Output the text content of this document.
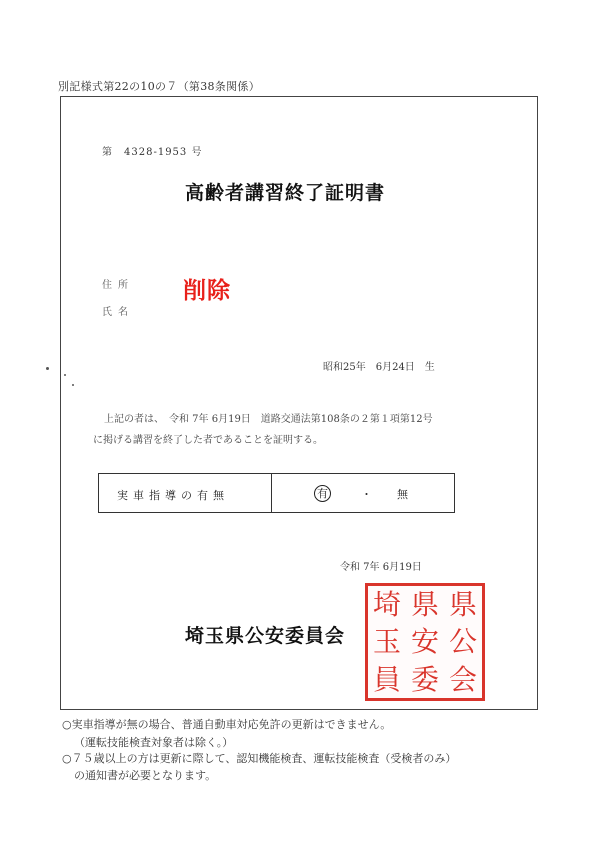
別記様式第22の10の７（第38条関係）
第　4328-1953 号
高齢者講習終了証明書
住所
氏名
削除
昭和25年　6月24日　生
上記の者は、　令和 7年 6月19日　道路交通法第108条の２第１項第12号
に掲げる講習を終了した者であることを証明する。
実車指導の有無	有	・ 無
令和 7年 6月19日
埼玉県公安委員会
埼 県 県
玉 安 公
員 委 会
○実車指導が無の場合、普通自動車対応免許の更新はできません。
（運転技能検査対象者は除く。）
○７５歳以上の方は更新に際して、認知機能検査、運転技能検査（受検者のみ）
の通知書が必要となります。
